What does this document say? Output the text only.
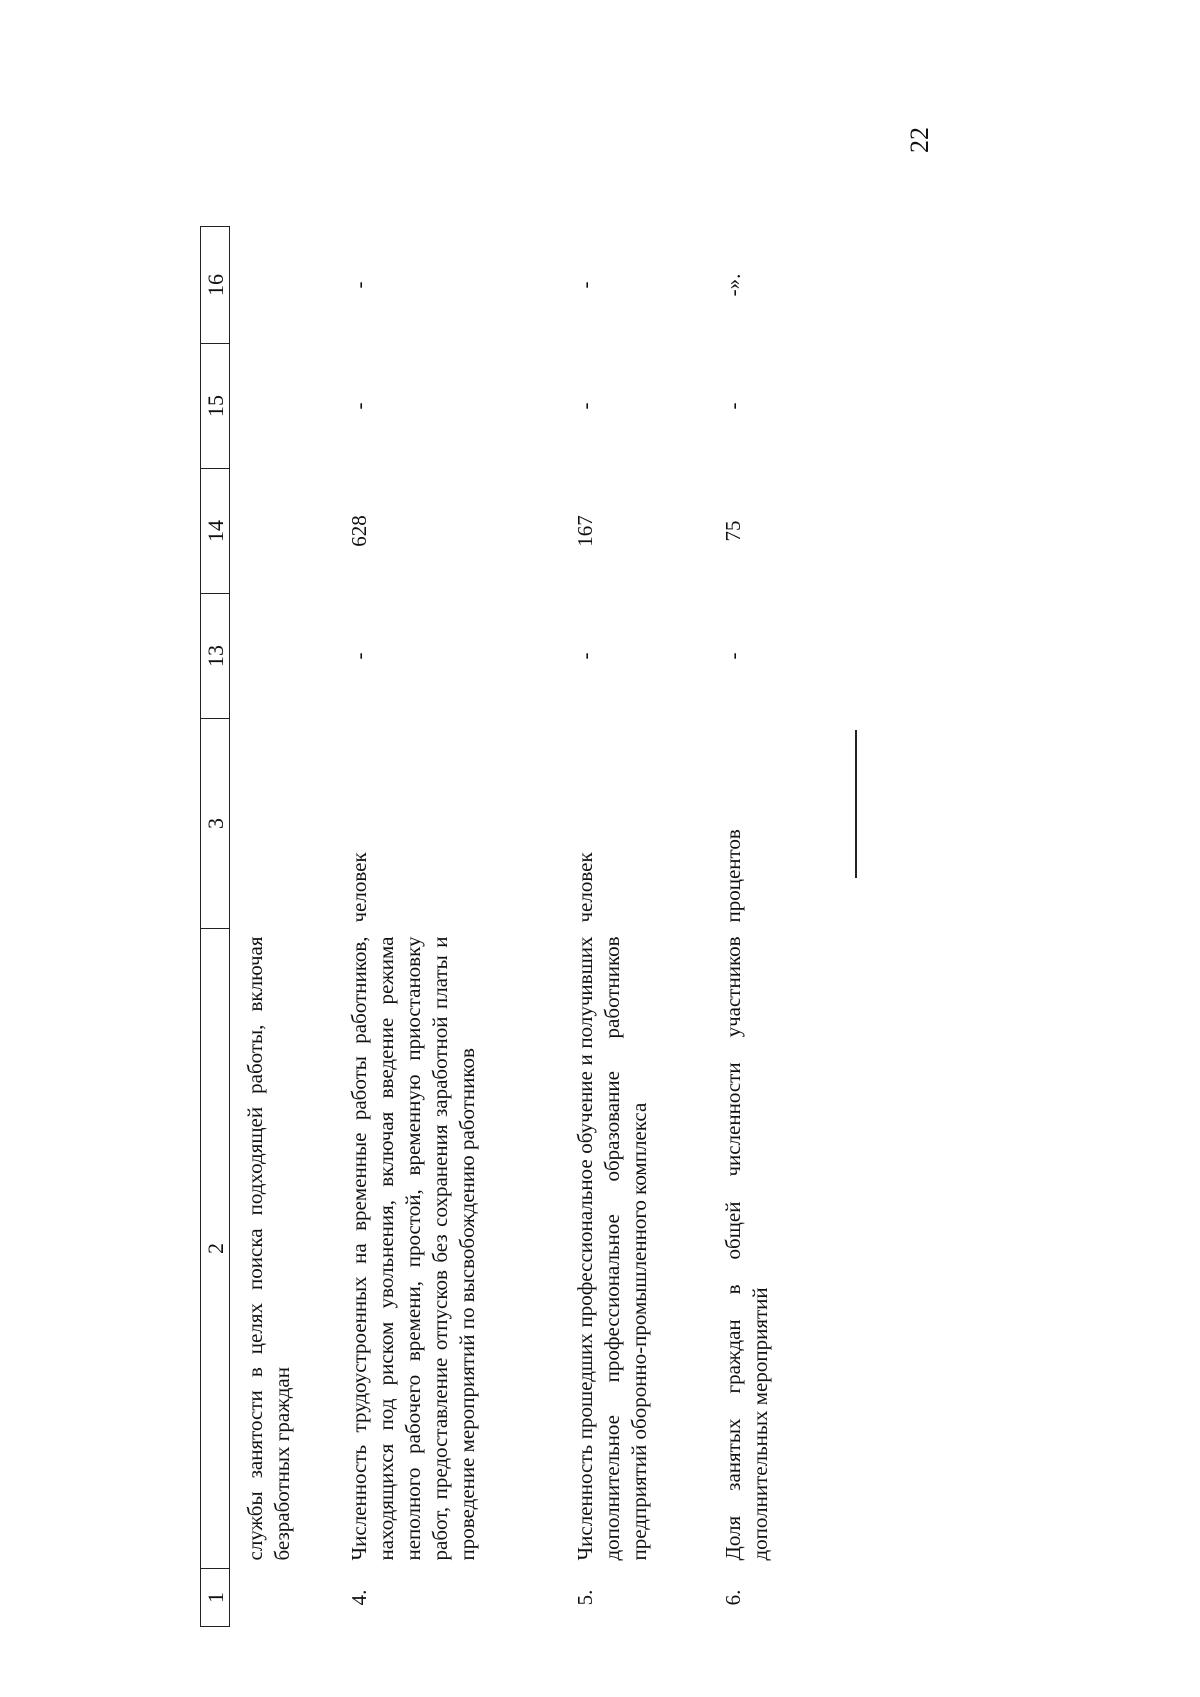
22
1	2	3	13	14	15	16
	службы занятости в целях поиска подходящей работы, включая безработных граждан					
4.	Численность трудоустроенных на временные работы работников, находящихся под риском увольнения, включая введение режима неполного рабочего времени, простой, временную приостановку работ, предоставление отпусков без сохранения заработной платы и проведение мероприятий по высвобождению работников	человек	-	628	-	-
5.	Численность прошедших профессиональное обучение и получивших дополнительное профессиональное образование работников предприятий оборонно-промышленного комплекса	человек	-	167	-	-
6.	Доля занятых граждан в общей численности участников дополнительных мероприятий	процентов	-	75	-	-».
